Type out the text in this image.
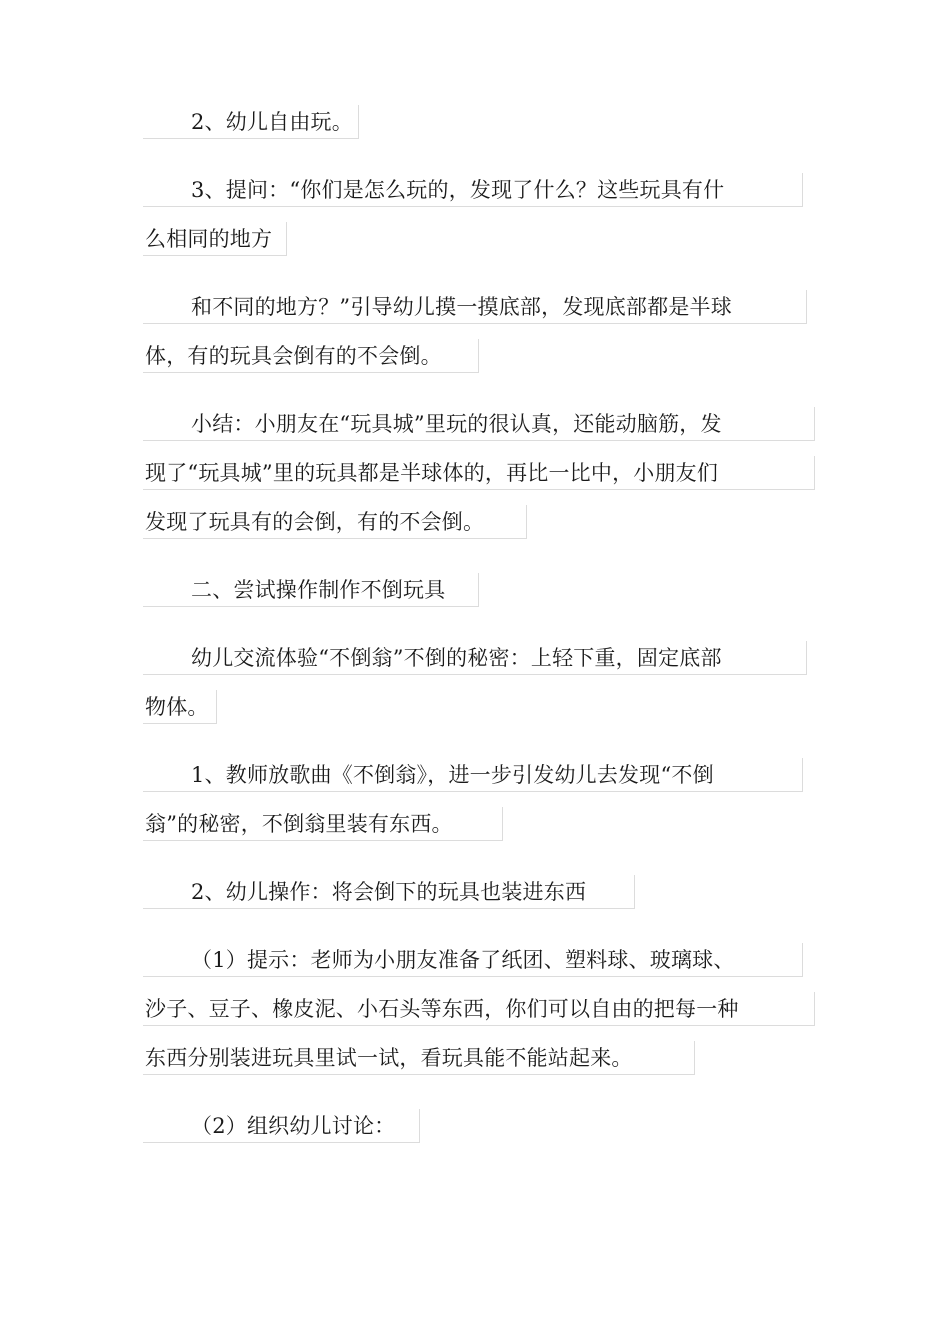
2、幼儿自由玩。
3、提问：“你们是怎么玩的，发现了什么？这些玩具有什
么相同的地方
和不同的地方？”引导幼儿摸一摸底部，发现底部都是半球
体，有的玩具会倒有的不会倒。
小结：小朋友在“玩具城”里玩的很认真，还能动脑筋，发
现了“玩具城”里的玩具都是半球体的，再比一比中，小朋友们
发现了玩具有的会倒，有的不会倒。
二、尝试操作制作不倒玩具
幼儿交流体验“不倒翁”不倒的秘密：上轻下重，固定底部
物体。
1、教师放歌曲《不倒翁》，进一步引发幼儿去发现“不倒
翁”的秘密，不倒翁里装有东西。
2、幼儿操作：将会倒下的玩具也装进东西
（1）提示：老师为小朋友准备了纸团、塑料球、玻璃球、
沙子、豆子、橡皮泥、小石头等东西，你们可以自由的把每一种
东西分别装进玩具里试一试，看玩具能不能站起来。
（2）组织幼儿讨论：
